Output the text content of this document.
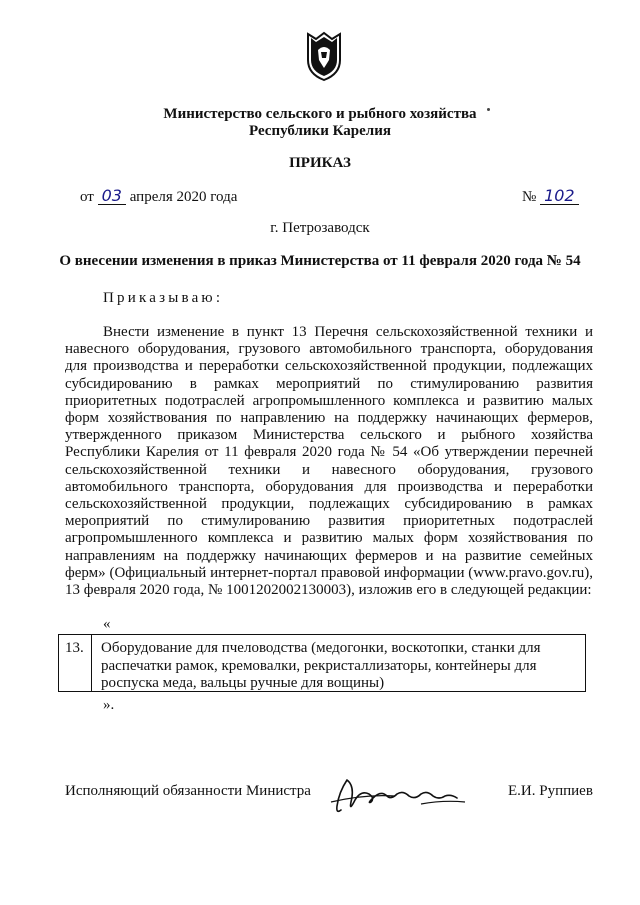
Министерство сельского и рыбного хозяйства
Республики Карелия
ПРИКАЗ
от 03 апреля 2020 года	№ 102
г. Петрозаводск
О внесении изменения в приказ Министерства от 11 февраля 2020 года № 54
Приказываю:
Внести изменение в пункт 13 Перечня сельскохозяйственной техники и навесного оборудования, грузового автомобильного транспорта, оборудования для производства и переработки сельскохозяйственной продукции, подлежащих субсидированию в рамках мероприятий по стимулированию развития приоритетных подотраслей агропромышленного комплекса и развитию малых форм хозяйствования по направлению на поддержку начинающих фермеров, утвержденного приказом Министерства сельского и рыбного хозяйства Республики Карелия от 11 февраля 2020 года № 54 «Об утверждении перечней сельскохозяйственной техники и навесного оборудования, грузового автомобильного транспорта, оборудования для производства и переработки сельскохозяйственной продукции, подлежащих субсидированию в рамках мероприятий по стимулированию развития приоритетных подотраслей агропромышленного комплекса и развитию малых форм хозяйствования по направлениям на поддержку начинающих фермеров и на развитие семейных ферм» (Официальный интернет-портал правовой информации (www.pravo.gov.ru), 13 февраля 2020 года, № 1001202002130003), изложив его в следующей редакции:
«
13.	Оборудование для пчеловодства (медогонки, воскотопки, станки для распечатки рамок, кремовалки, рекристаллизаторы, контейнеры для роспуска меда, вальцы ручные для вощины)
».
Исполняющий обязанности Министра	Е.И. Руппиев
